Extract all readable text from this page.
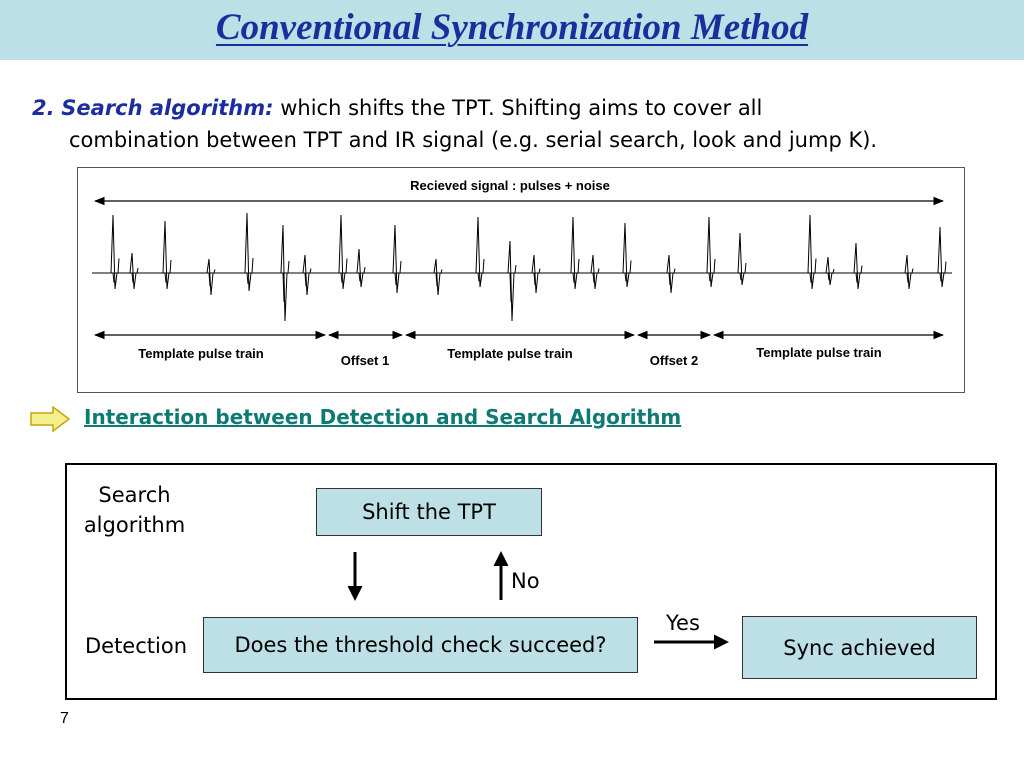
Conventional Synchronization Method
2. Search algorithm: which shifts the TPT. Shifting aims to cover all
combination between TPT and IR signal (e.g. serial search, look and jump K).
Recieved signal : pulses + noise
Template pulse train	Offset 1	Template pulse train	Offset 2
Template pulse train
Interaction between Detection and Search Algorithm
Search algorithm
Detection
Shift the TPT
Does the threshold check succeed?	Sync achieved
No
Yes
7
